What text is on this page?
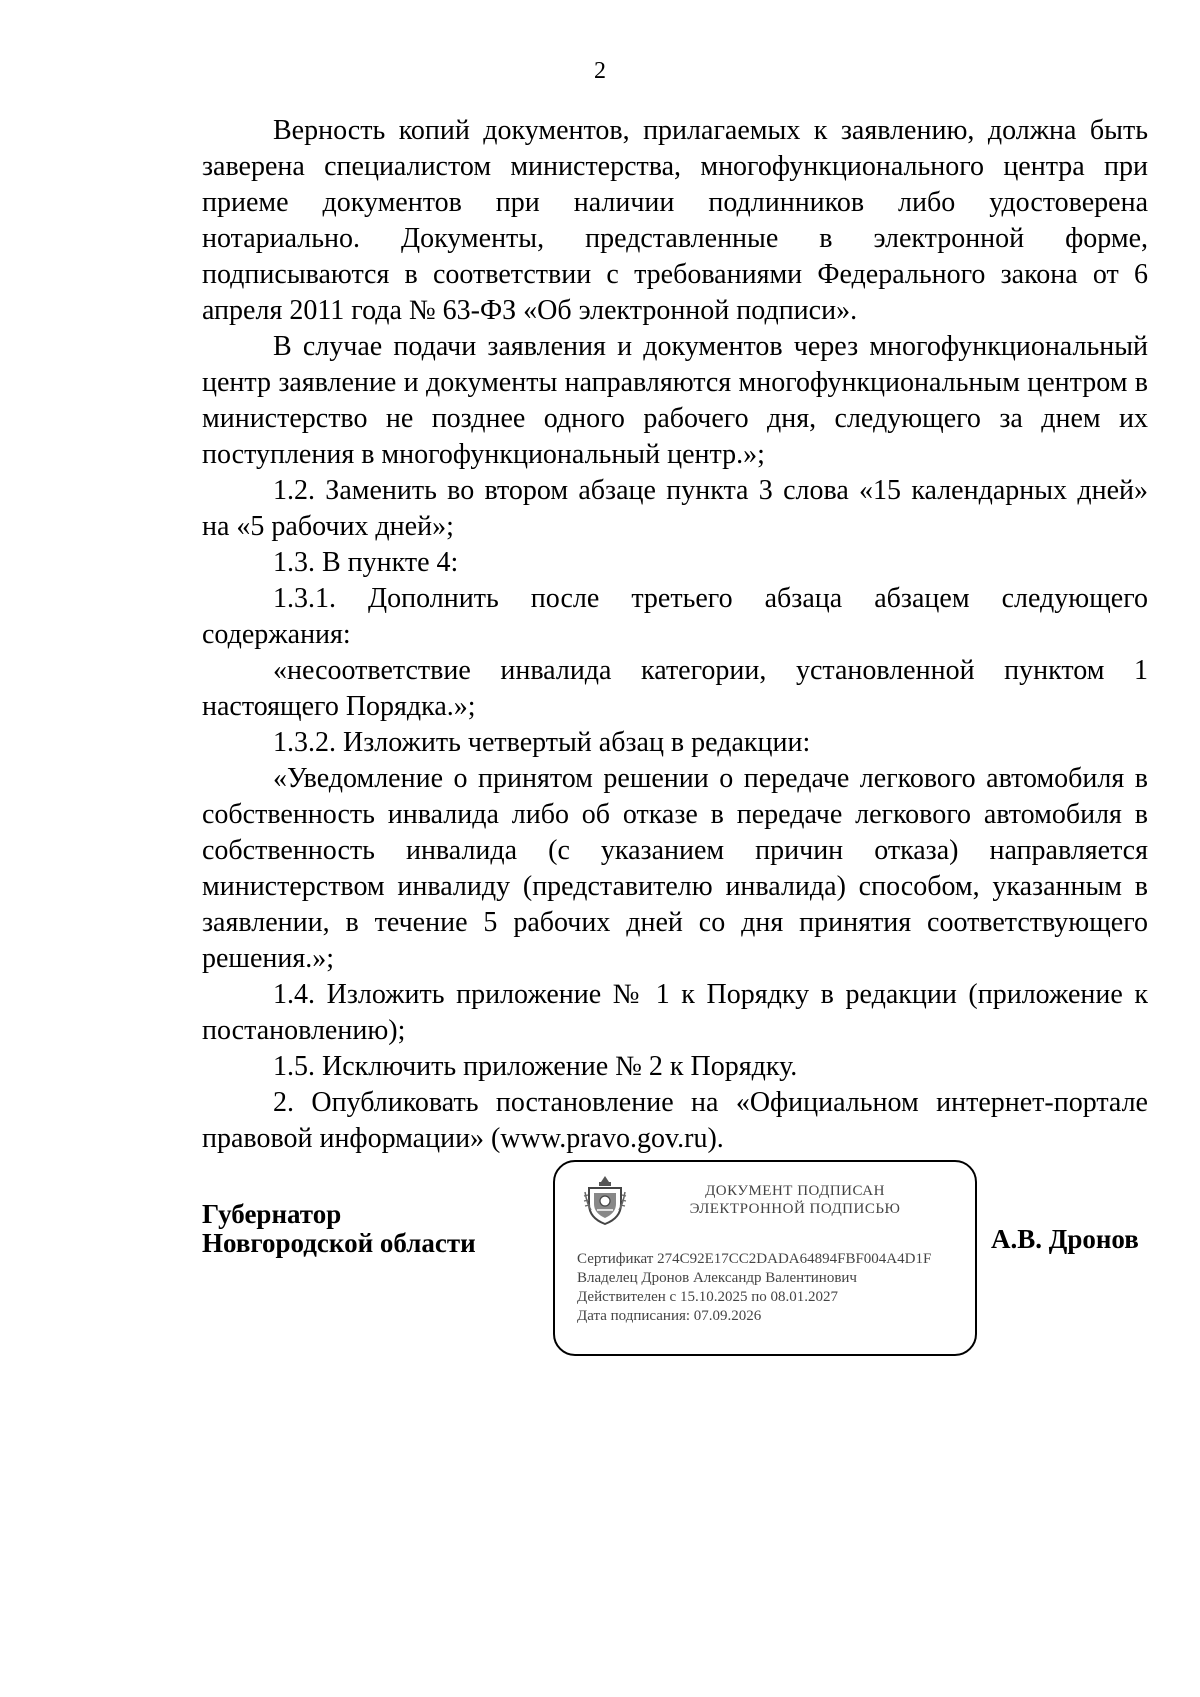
2

Верность копий документов, прилагаемых к заявлению, должна быть заверена специалистом министерства, многофункционального центра при приеме документов при наличии подлинников либо удостоверена нотариально. Документы, представленные в электронной форме, подписываются в соответствии с требованиями Федерального закона от 6 апреля 2011 года № 63-ФЗ «Об электронной подписи».

В случае подачи заявления и документов через многофункциональный центр заявление и документы направляются многофункциональным центром в министерство не позднее одного рабочего дня, следующего за днем их поступления в многофункциональный центр.»;

1.2. Заменить во втором абзаце пункта 3 слова «15 календарных дней» на «5 рабочих дней»;

1.3. В пункте 4:

1.3.1. Дополнить после третьего абзаца абзацем следующего содержания:

«несоответствие инвалида категории, установленной пунктом 1 настоящего Порядка.»;

1.3.2. Изложить четвертый абзац в редакции:

«Уведомление о принятом решении о передаче легкового автомобиля в собственность инвалида либо об отказе в передаче легкового автомобиля в собственность инвалида (с указанием причин отказа) направляется министерством инвалиду (представителю инвалида) способом, указанным в заявлении, в течение 5 рабочих дней со дня принятия соответствующего решения.»;

1.4. Изложить приложение № 1 к Порядку в редакции (приложение к постановлению);

1.5. Исключить приложение № 2 к Порядку.

2. Опубликовать постановление на «Официальном интернет-портале правовой информации» (www.pravo.gov.ru).

Губернатор
Новгородской области
ДОКУМЕНТ ПОДПИСАН
ЭЛЕКТРОННОЙ ПОДПИСЬЮ
Сертификат 274C92E17CC2DADA64894FBF004A4D1F
Владелец Дронов Александр Валентинович
Действителен с 15.10.2025 по 08.01.2027
Дата подписания: 07.09.2026
А.В. Дронов
